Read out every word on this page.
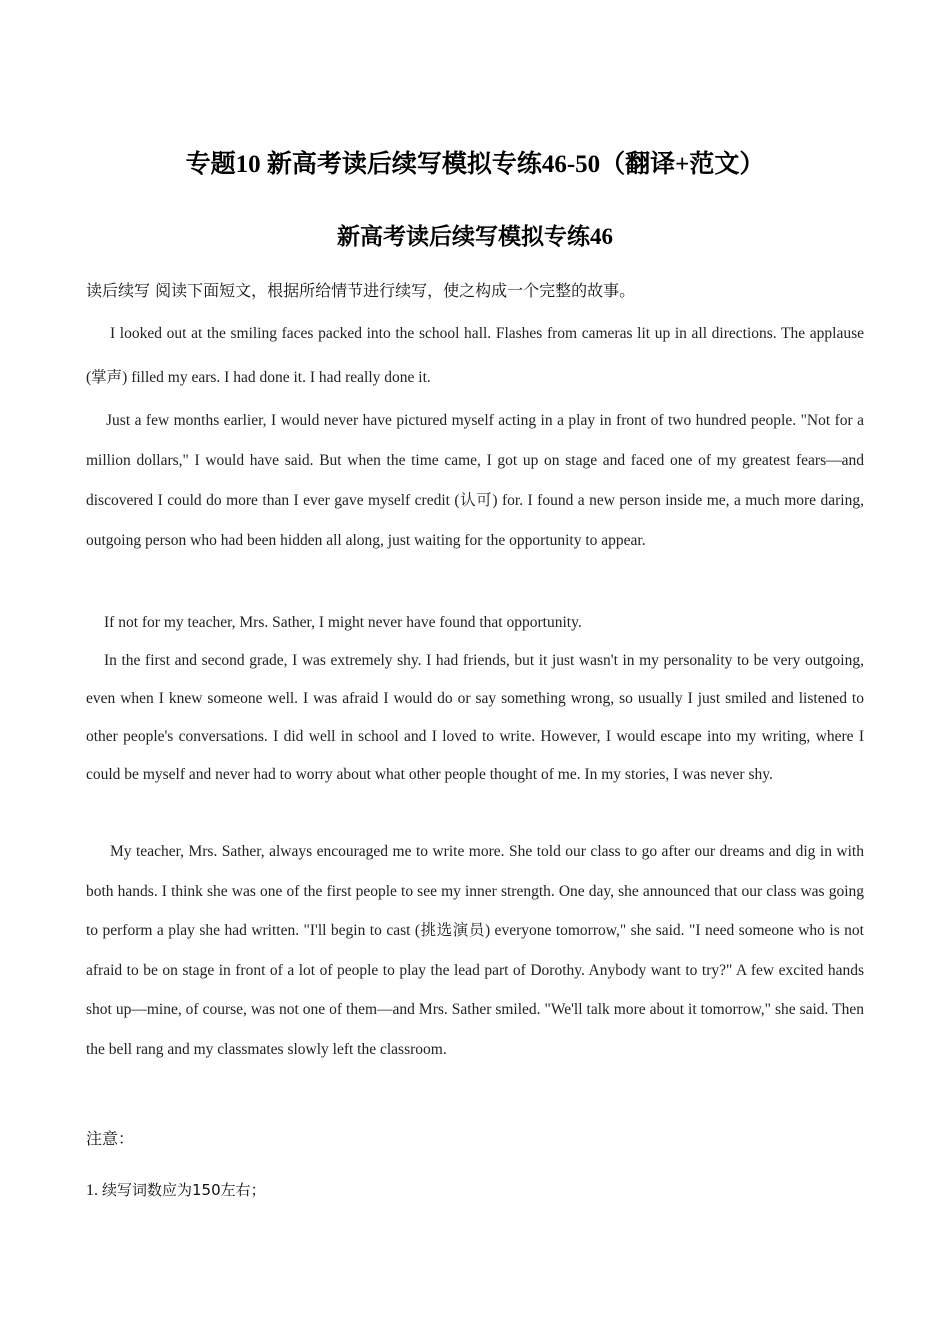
专题10 新高考读后续写模拟专练46-50（翻译+范文）
新高考读后续写模拟专练46
读后续写 阅读下面短文，根据所给情节进行续写，使之构成一个完整的故事。
I looked out at the smiling faces packed into the school hall. Flashes from cameras lit up in all directions. The applause (掌声) filled my ears. I had done it. I had really done it.
Just a few months earlier, I would never have pictured myself acting in a play in front of two hundred people. "Not for a million dollars," I would have said. But when the time came, I got up on stage and faced one of my greatest fears—and discovered I could do more than I ever gave myself credit (认可) for. I found a new person inside me, a much more daring, outgoing person who had been hidden all along, just waiting for the opportunity to appear.
If not for my teacher, Mrs. Sather, I might never have found that opportunity.
In the first and second grade, I was extremely shy. I had friends, but it just wasn't in my personality to be very outgoing, even when I knew someone well. I was afraid I would do or say something wrong, so usually I just smiled and listened to other people's conversations. I did well in school and I loved to write. However, I would escape into my writing, where I could be myself and never had to worry about what other people thought of me. In my stories, I was never shy.
My teacher, Mrs. Sather, always encouraged me to write more. She told our class to go after our dreams and dig in with both hands. I think she was one of the first people to see my inner strength. One day, she announced that our class was going to perform a play she had written. "I'll begin to cast (挑选演员) everyone tomorrow," she said. "I need someone who is not afraid to be on stage in front of a lot of people to play the lead part of Dorothy. Anybody want to try?" A few excited hands shot up—mine, of course, was not one of them—and Mrs. Sather smiled. "We'll talk more about it tomorrow," she said. Then the bell rang and my classmates slowly left the classroom.
注意：
1. 续写词数应为150左右；
